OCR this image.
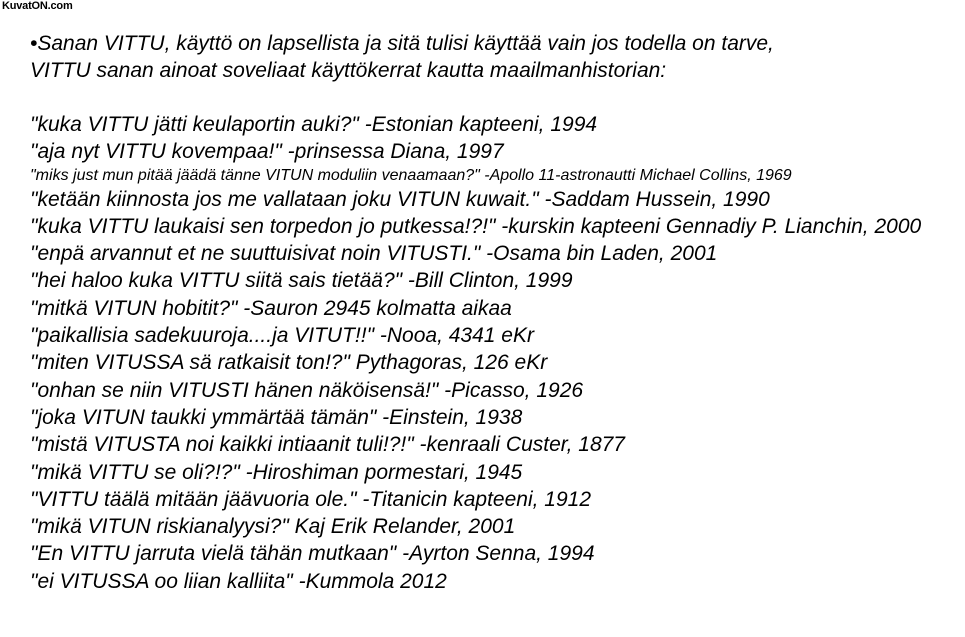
KuvatON.com

•Sanan VITTU, käyttö on lapsellista ja sitä tulisi käyttää vain jos todella on tarve,

VITTU sanan ainoat soveliaat käyttökerrat kautta maailmanhistorian:

"kuka VITTU jätti keulaportin auki?" -Estonian kapteeni, 1994

"aja nyt VITTU kovempaa!" -prinsessa Diana, 1997

"miks just mun pitää jäädä tänne VITUN moduliin venaamaan?" -Apollo 11-astronautti Michael Collins, 1969

"ketään kiinnosta jos me vallataan joku VITUN kuwait." -Saddam Hussein, 1990

"kuka VITTU laukaisi sen torpedon jo putkessa!?!" -kurskin kapteeni Gennadiy P. Lianchin, 2000

"enpä arvannut et ne suuttuisivat noin VITUSTI." -Osama bin Laden, 2001

"hei haloo kuka VITTU siitä sais tietää?" -Bill Clinton, 1999

"mitkä VITUN hobitit?" -Sauron 2945 kolmatta aikaa

"paikallisia sadekuuroja....ja VITUT!!" -Nooa, 4341 eKr

"miten VITUSSA sä ratkaisit ton!?" Pythagoras, 126 eKr

"onhan se niin VITUSTI hänen näköisensä!" -Picasso, 1926

"joka VITUN taukki ymmärtää tämän" -Einstein, 1938

"mistä VITUSTA noi kaikki intiaanit tuli!?!" -kenraali Custer, 1877

"mikä VITTU se oli?!?" -Hiroshiman pormestari, 1945

"VITTU täälä mitään jäävuoria ole." -Titanicin kapteeni, 1912

"mikä VITUN riskianalyysi?" Kaj Erik Relander, 2001

"En VITTU jarruta vielä tähän mutkaan" -Ayrton Senna, 1994

"ei VITUSSA oo liian kalliita" -Kummola 2012
